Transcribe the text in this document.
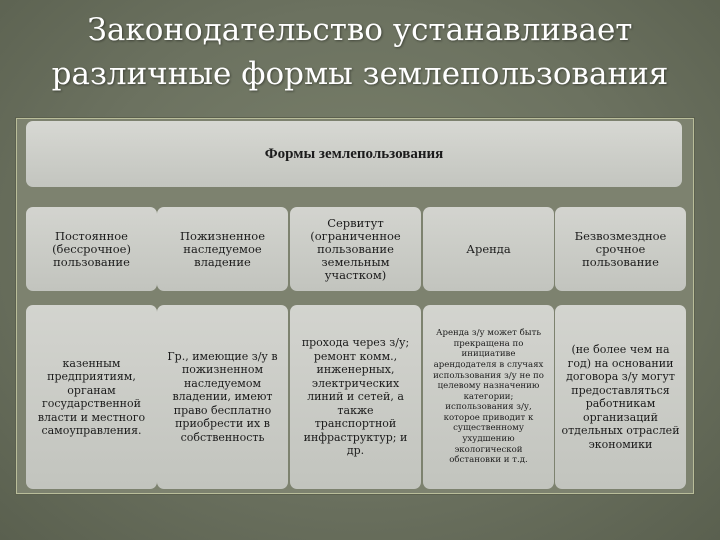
Законодательство устанавливает
различные формы землепользования
Формы землепользования
Постоянное (бессрочное) пользование
Пожизненное наследуемое владение
Сервитут (ограниченное пользование земельным участком)
Аренда
Безвозмездное срочное пользование
казенным предприятиям, органам государственной власти и местного самоуправления.
Гр., имеющие з/у в пожизненном наследуемом владении, имеют право бесплатно приобрести их в собственность
прохода через з/у; ремонт комм., инженерных, электрических линий и сетей, а также транспортной инфраструктур; и др.
Аренда з/у может быть прекращена по инициативе арендодателя в случаях использования з/у не по целевому назначению категории; использования з/у, которое приводит к существенному ухудшению экологической обстановки и т.д.
(не более чем на год) на основании договора з/у могут предоставляться работникам организаций отдельных отраслей экономики
